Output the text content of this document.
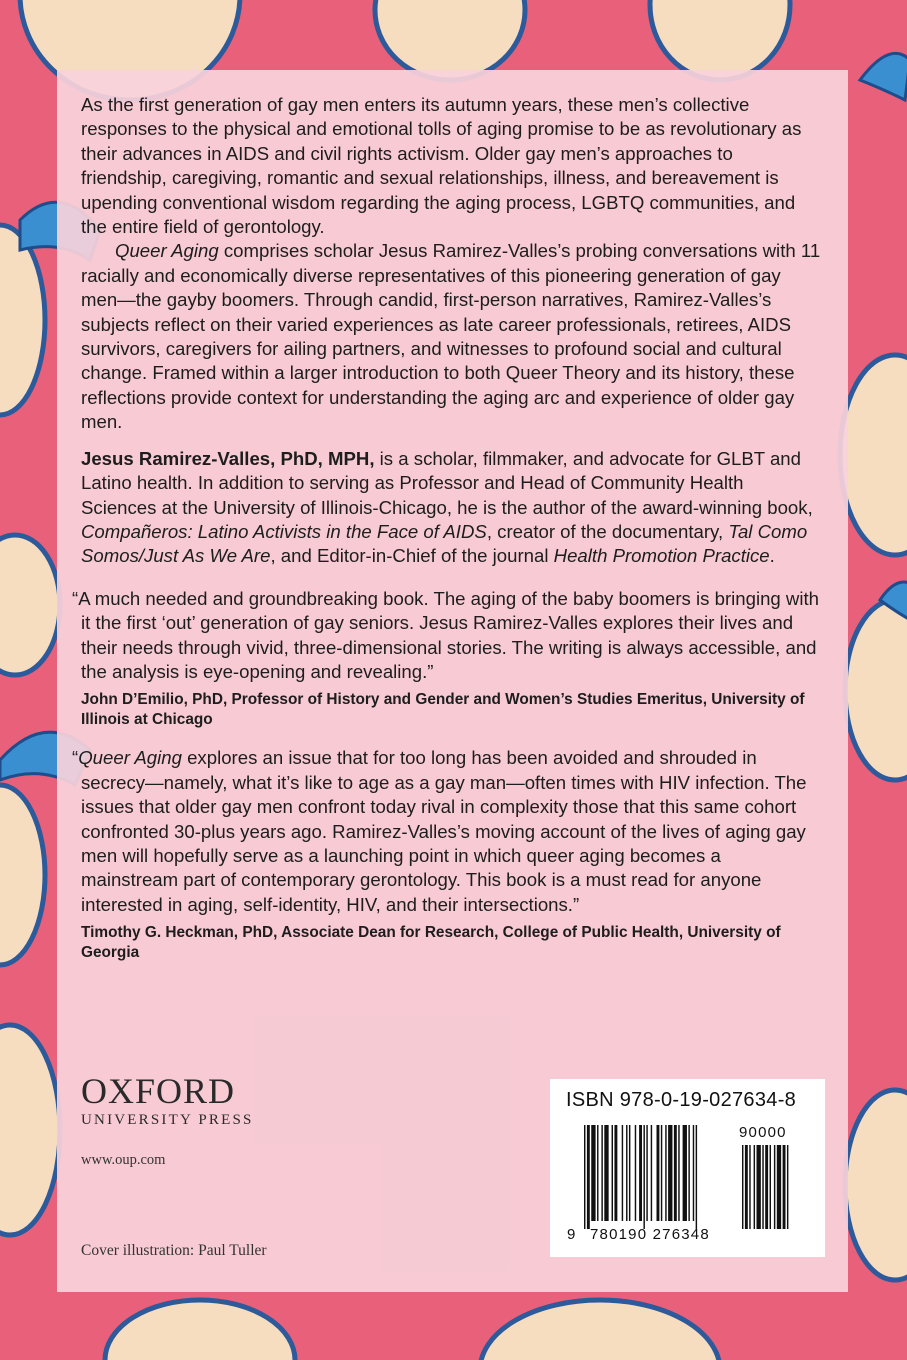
As the first generation of gay men enters its autumn years, these men’s collective responses to the physical and emotional tolls of aging promise to be as revolutionary as their advances in AIDS and civil rights activism. Older gay men’s approaches to friendship, caregiving, romantic and sexual relationships, illness, and bereavement is upending conventional wisdom regarding the aging process, LGBTQ communities, and the entire field of gerontology.

Queer Aging comprises scholar Jesus Ramirez-Valles’s probing conversations with 11 racially and economically diverse representatives of this pioneering generation of gay men—the gayby boomers. Through candid, first-person narratives, Ramirez-Valles’s subjects reflect on their varied experiences as late career professionals, retirees, AIDS survivors, caregivers for ailing partners, and witnesses to profound social and cultural change. Framed within a larger introduction to both Queer Theory and its history, these reflections provide context for understanding the aging arc and experience of older gay men.

Jesus Ramirez-Valles, PhD, MPH, is a scholar, filmmaker, and advocate for GLBT and Latino health. In addition to serving as Professor and Head of Community Health Sciences at the University of Illinois-Chicago, he is the author of the award-winning book, Compañeros: Latino Activists in the Face of AIDS, creator of the documentary, Tal Como Somos/Just As We Are, and Editor-in-Chief of the journal Health Promotion Practice.

“A much needed and groundbreaking book. The aging of the baby boomers is bringing with it the first ‘out’ generation of gay seniors. Jesus Ramirez-Valles explores their lives and their needs through vivid, three-dimensional stories. The writing is always accessible, and the analysis is eye-opening and revealing.”

John D’Emilio, PhD, Professor of History and Gender and Women’s Studies Emeritus, University of Illinois at Chicago

“Queer Aging explores an issue that for too long has been avoided and shrouded in secrecy—namely, what it’s like to age as a gay man—often times with HIV infection. The issues that older gay men confront today rival in complexity those that this same cohort confronted 30-plus years ago. Ramirez-Valles’s moving account of the lives of aging gay men will hopefully serve as a launching point in which queer aging becomes a mainstream part of contemporary gerontology. This book is a must read for anyone interested in aging, self-identity, HIV, and their intersections.”

Timothy G. Heckman, PhD, Associate Dean for Research, College of Public Health, University of Georgia

OXFORD
UNIVERSITY PRESS
www.oup.com
Cover illustration: Paul Tuller
ISBN 978-0-19-027634-8
9 780190 276348
90000
